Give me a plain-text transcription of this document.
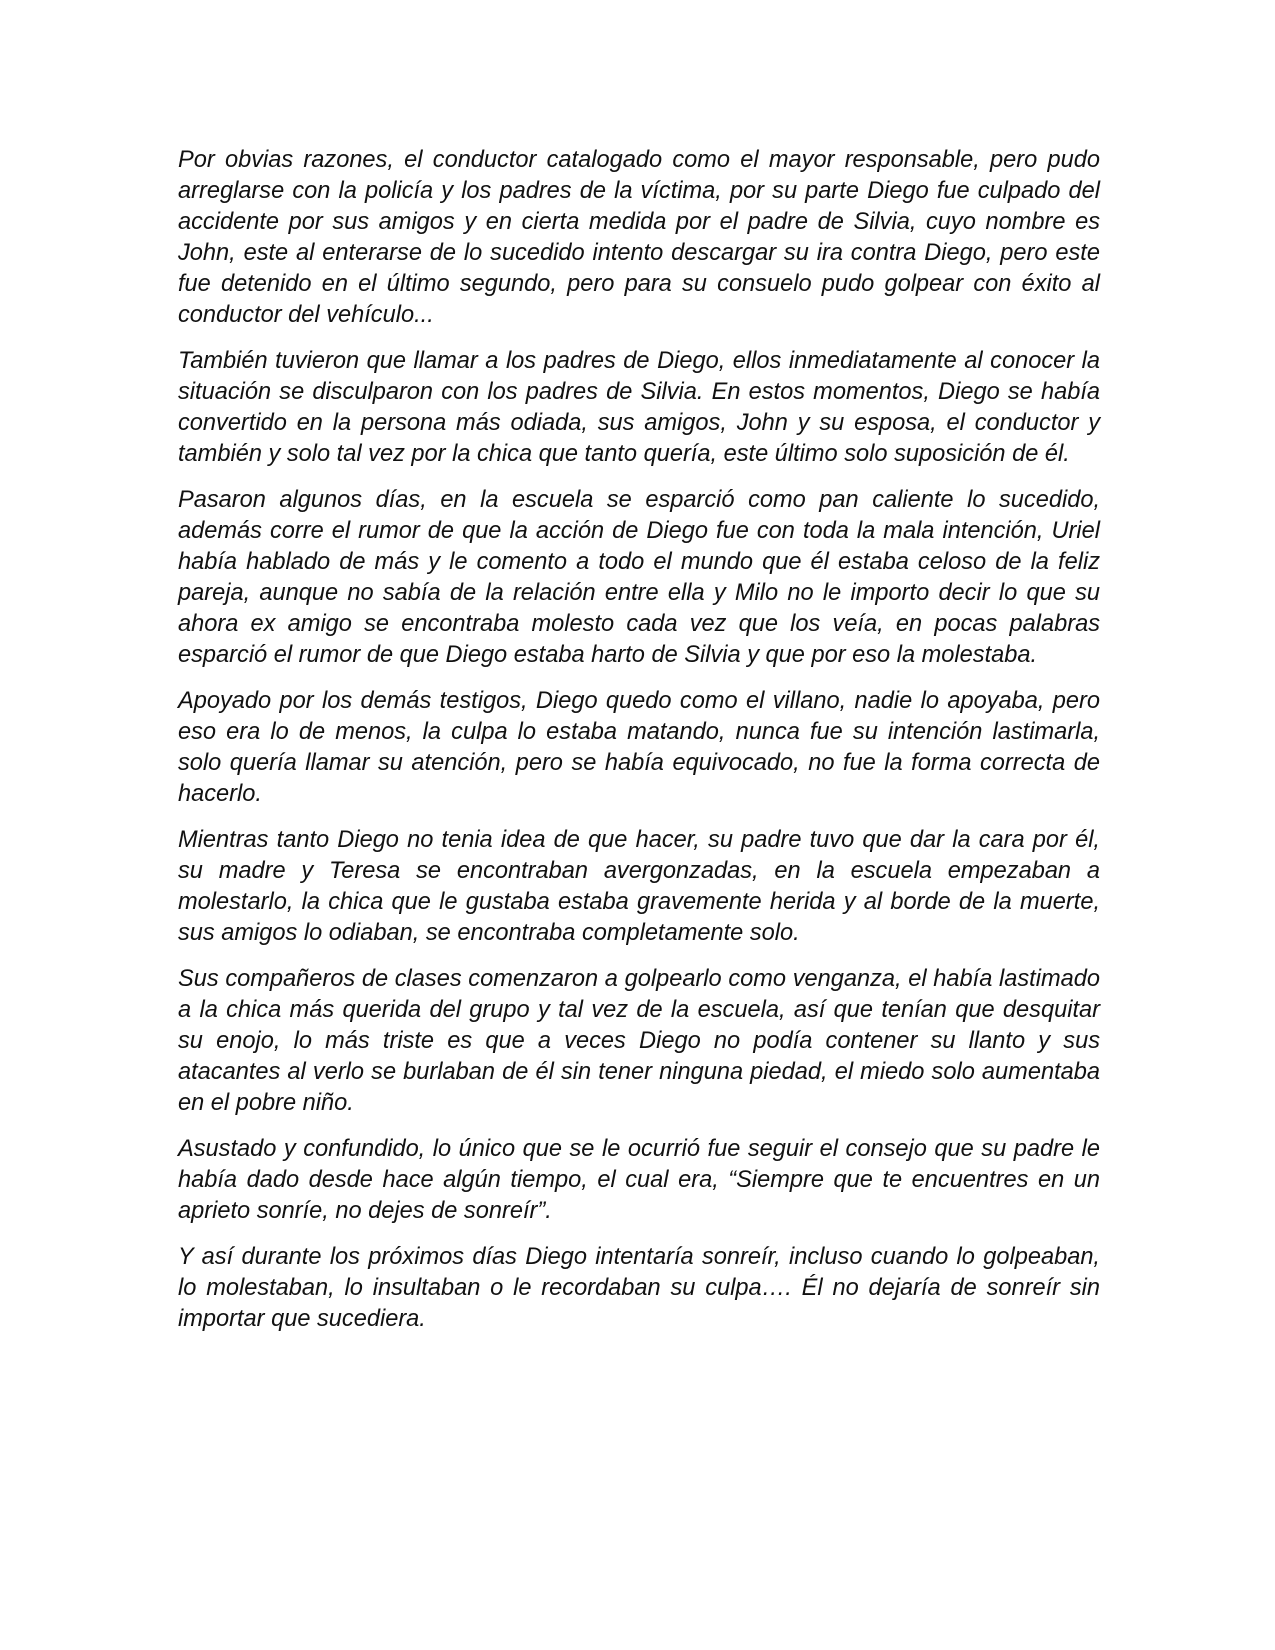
Por obvias razones, el conductor catalogado como el mayor responsable, pero pudo arreglarse con la policía y los padres de la víctima, por su parte Diego fue culpado del accidente por sus amigos y en cierta medida por el padre de Silvia, cuyo nombre es John, este al enterarse de lo sucedido intento descargar su ira contra Diego, pero este fue detenido en el último segundo, pero para su consuelo pudo golpear con éxito al conductor del vehículo...

También tuvieron que llamar a los padres de Diego, ellos inmediatamente al conocer la situación se disculparon con los padres de Silvia. En estos momentos, Diego se había convertido en la persona más odiada, sus amigos, John y su esposa, el conductor y también y solo tal vez por la chica que tanto quería, este último solo suposición de él.

Pasaron algunos días, en la escuela se esparció como pan caliente lo sucedido, además corre el rumor de que la acción de Diego fue con toda la mala intención, Uriel había hablado de más y le comento a todo el mundo que él estaba celoso de la feliz pareja, aunque no sabía de la relación entre ella y Milo no le importo decir lo que su ahora ex amigo se encontraba molesto cada vez que los veía, en pocas palabras esparció el rumor de que Diego estaba harto de Silvia y que por eso la molestaba.

Apoyado por los demás testigos, Diego quedo como el villano, nadie lo apoyaba, pero eso era lo de menos, la culpa lo estaba matando, nunca fue su intención lastimarla, solo quería llamar su atención, pero se había equivocado, no fue la forma correcta de hacerlo.

Mientras tanto Diego no tenia idea de que hacer, su padre tuvo que dar la cara por él, su madre y Teresa se encontraban avergonzadas, en la escuela empezaban a molestarlo, la chica que le gustaba estaba gravemente herida y al borde de la muerte, sus amigos lo odiaban, se encontraba completamente solo.

Sus compañeros de clases comenzaron a golpearlo como venganza, el había lastimado a la chica más querida del grupo y tal vez de la escuela, así que tenían que desquitar su enojo, lo más triste es que a veces Diego no podía contener su llanto y sus atacantes al verlo se burlaban de él sin tener ninguna piedad, el miedo solo aumentaba en el pobre niño.

Asustado y confundido, lo único que se le ocurrió fue seguir el consejo que su padre le había dado desde hace algún tiempo, el cual era, “Siempre que te encuentres en un aprieto sonríe, no dejes de sonreír”.

Y así durante los próximos días Diego intentaría sonreír, incluso cuando lo golpeaban, lo molestaban, lo insultaban o le recordaban su culpa…. Él no dejaría de sonreír sin importar que sucediera.
